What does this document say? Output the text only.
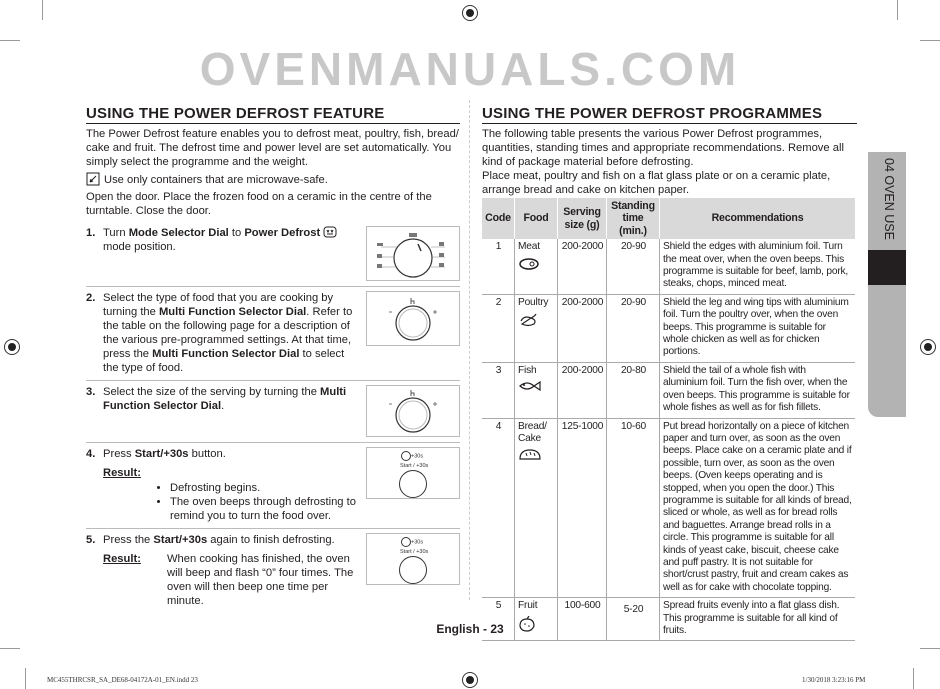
OVENMANUALS.COM
USING THE POWER DEFROST FEATURE
The Power Defrost feature enables you to defrost meat, poultry, fish, bread/ cake and fruit. The defrost time and power level are set automatically. You simply select the programme and the weight.
Use only containers that are microwave-safe.
Open the door. Place the frozen food on a ceramic in the centre of the turntable. Close the door.
1. Turn Mode Selector Dial to Power Defrost  mode position.
2. Select the type of food that you are cooking by turning the Multi Function Selector Dial. Refer to the table on the following page for a description of the various pre-programmed settings. At that time, press the Multi Function Selector Dial to select the type of food.
3. Select the size of the serving by turning the Multi Function Selector Dial.
4. Press Start/+30s button.
Result:
• Defrosting begins.
• The oven beeps through defrosting to remind you to turn the food over.
+30s
Start / +30s
5. Press the Start/+30s again to finish defrosting.
Result:	When cooking has finished, the oven will beep and flash “0” four times. The oven will then beep one time per minute.
+30s
Start / +30s
USING THE POWER DEFROST PROGRAMMES
The following table presents the various Power Defrost programmes, quantities, standing times and appropriate recommendations. Remove all kind of package material before defrosting.
Place meat, poultry and fish on a flat glass plate or on a ceramic plate, arrange bread and cake on kitchen paper.
Code	Food	Serving size (g)	Standing time (min.)	Recommendations
1	Meat	200-2000	20-90	Shield the edges with aluminium foil. Turn the meat over, when the oven beeps. This programme is suitable for beef, lamb, pork, steaks, chops, minced meat.
2	Poultry	200-2000	20-90	Shield the leg and wing tips with aluminium foil. Turn the poultry over, when the oven beeps. This programme is suitable for whole chicken as well as for chicken portions.
3	Fish	200-2000	20-80	Shield the tail of a whole fish with aluminium foil. Turn the fish over, when the oven beeps. This programme is suitable for whole fishes as well as for fish fillets.
4	Bread/ Cake	125-1000	10-60	Put bread horizontally on a piece of kitchen paper and turn over, as soon as the oven beeps. Place cake on a ceramic plate and if possible, turn over, as soon as the oven beeps. (Oven keeps operating and is stopped, when you open the door.) This programme is suitable for all kinds of bread, sliced or whole, as well as for bread rolls and baguettes. Arrange bread rolls in a circle. This programme is suitable for all kinds of yeast cake, biscuit, cheese cake and puff pastry. It is not suitable for short/crust pastry, fruit and cream cakes as well as for cake with chocolate topping.
5	Fruit	100-600	5-20	Spread fruits evenly into a flat glass dish. This programme is suitable for all kind of fruits.
04 OVEN USE
English - 23
MC455THRCSR_SA_DE68-04172A-01_EN.indd 23	1/30/2018 3:23:16 PM
